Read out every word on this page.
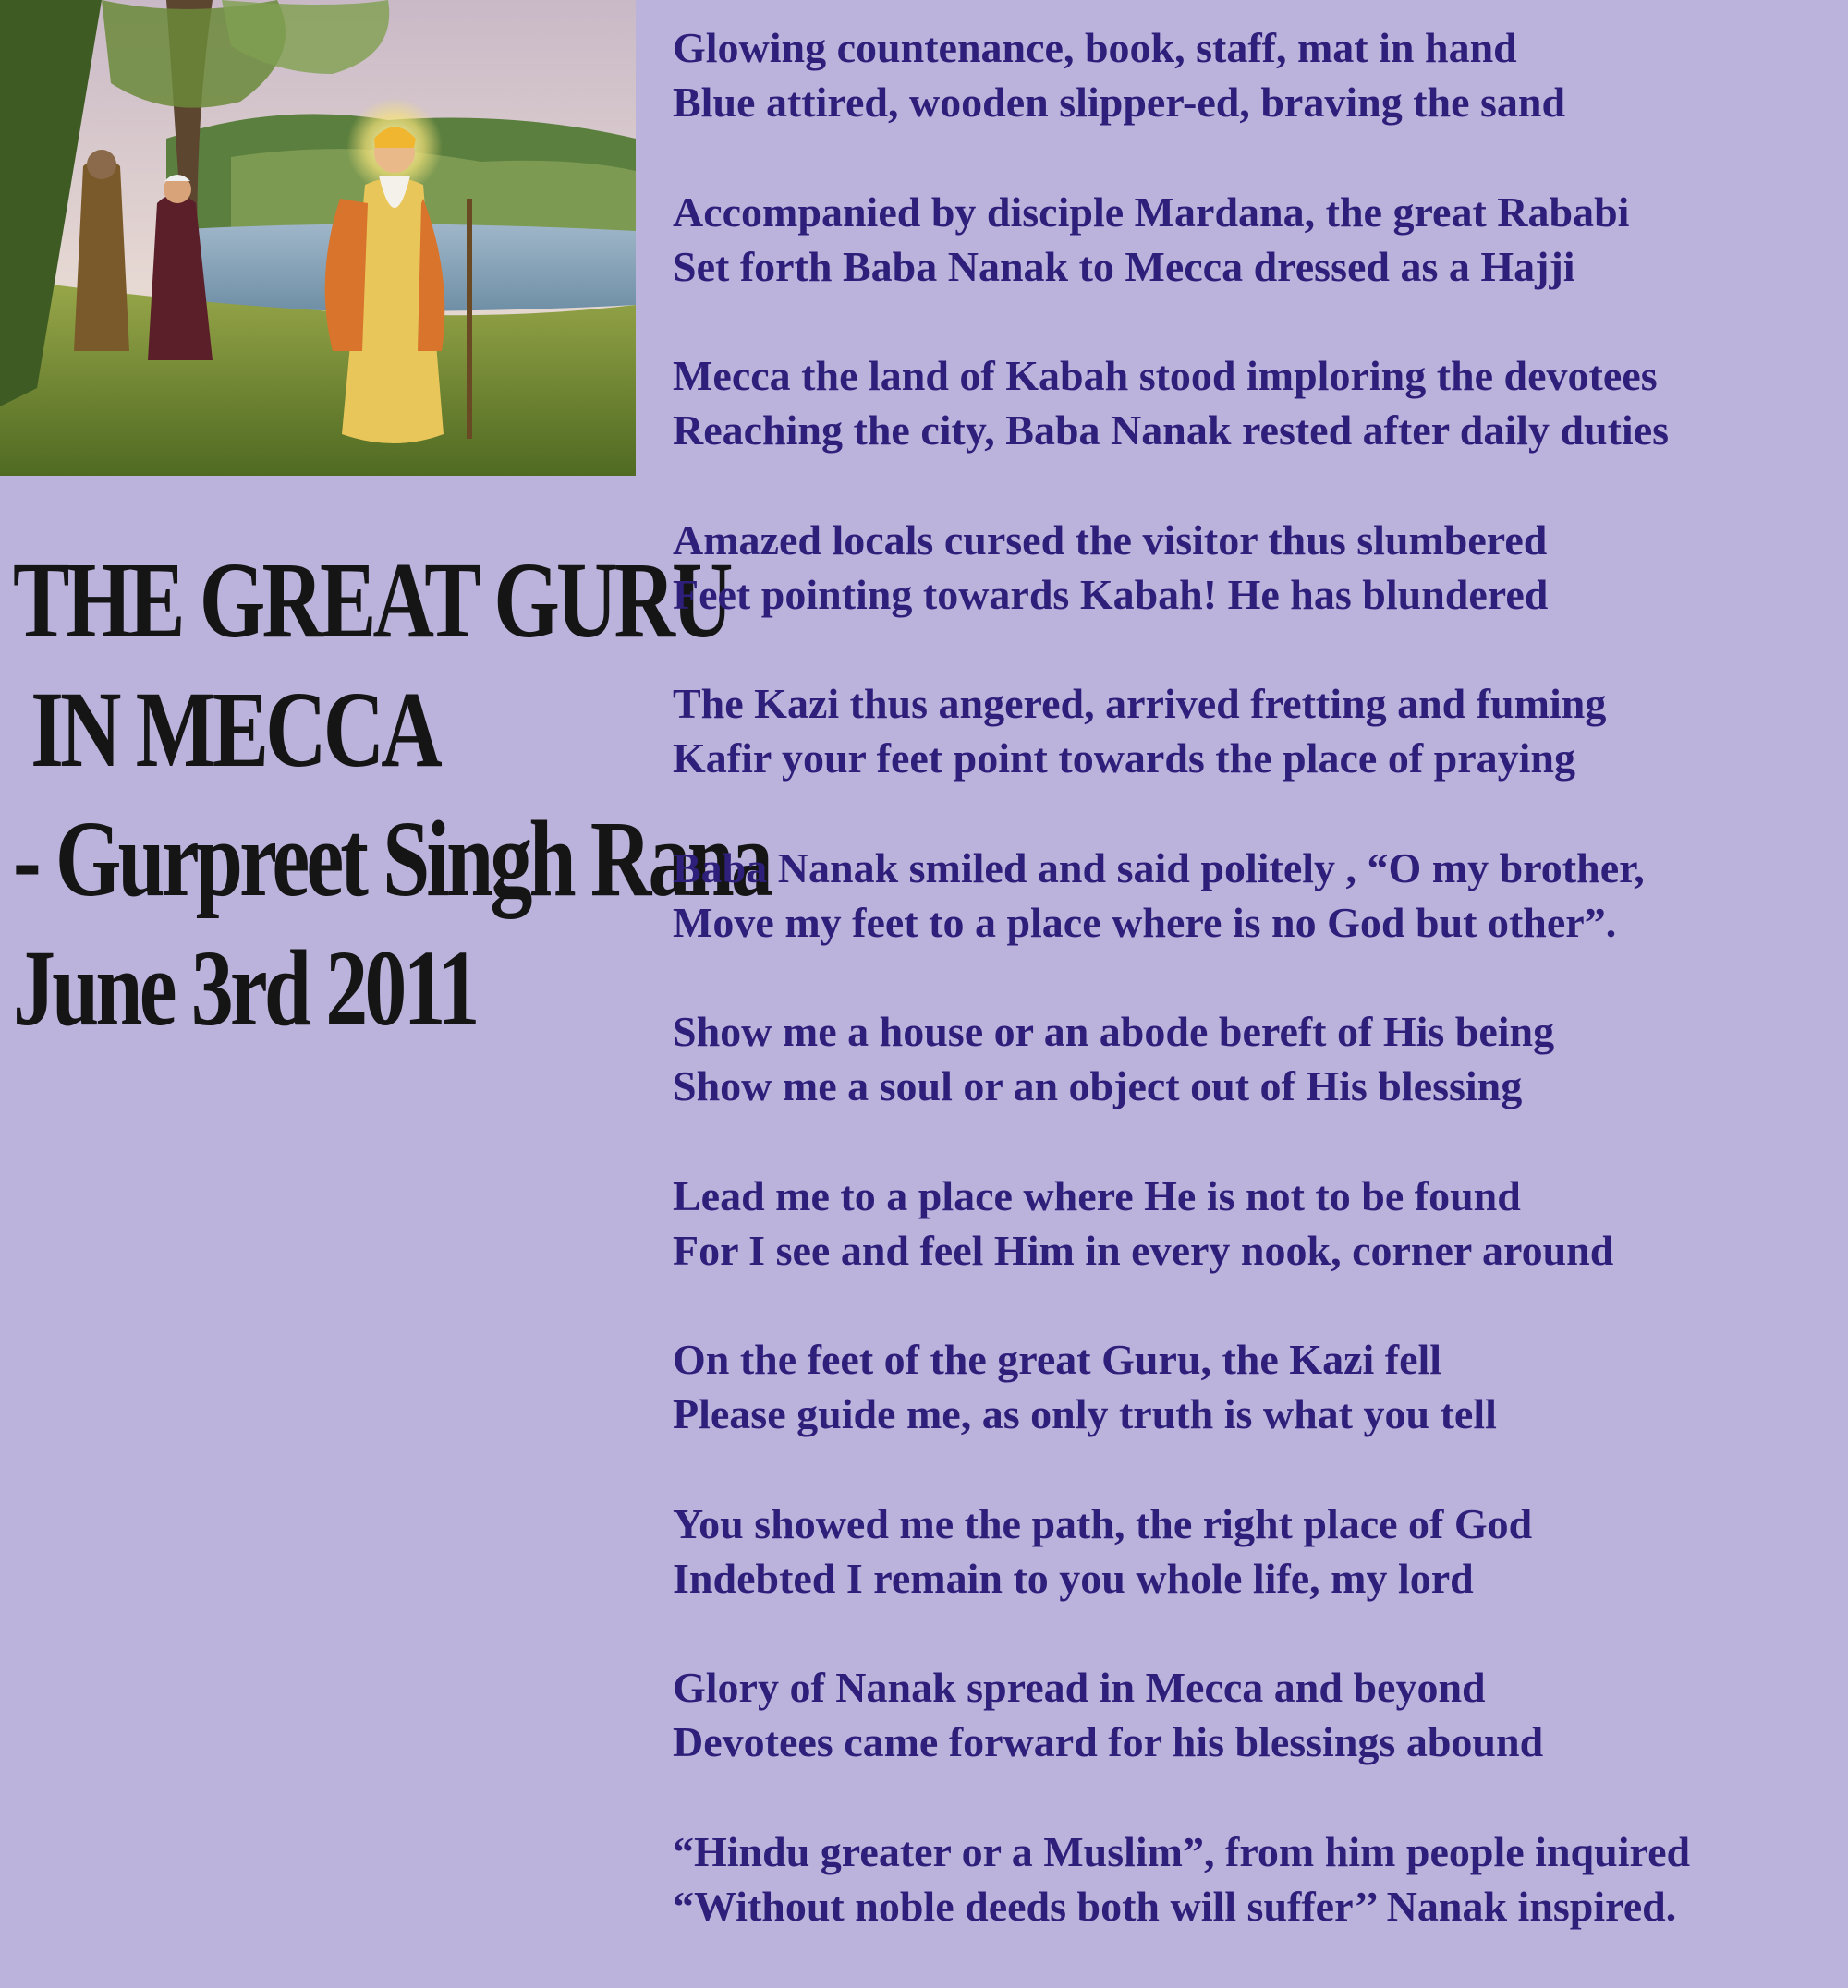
THE GREAT GURU
IN MECCA
- Gurpreet Singh Rana
June 3rd 2011
Glowing countenance, book, staff, mat in hand
Blue attired, wooden slipper-ed, braving the sand
Accompanied by disciple Mardana, the great Rababi
Set forth Baba Nanak to Mecca dressed as a Hajji
Mecca the land of Kabah stood imploring the devotees
Reaching the city, Baba Nanak rested after daily duties
Amazed locals cursed the visitor thus slumbered
Feet pointing towards Kabah! He has blundered
The Kazi thus angered, arrived fretting and fuming
Kafir your feet point towards the place of praying
Baba Nanak smiled and said politely , “O my brother,
Move my feet to a place where is no God but other”.
Show me a house or an abode bereft of His being
Show me a soul or an object out of His blessing
Lead me to a place where He is not to be found
For I see and feel Him in every nook, corner around
On the feet of the great Guru, the Kazi fell
Please guide me, as only truth is what you tell
You showed me the path, the right place of God
Indebted I remain to you whole life, my lord
Glory of Nanak spread in Mecca and beyond
Devotees came forward for his blessings abound
“Hindu greater or a Muslim”, from him people inquired
“Without noble deeds both will suffer’’ Nanak inspired.
